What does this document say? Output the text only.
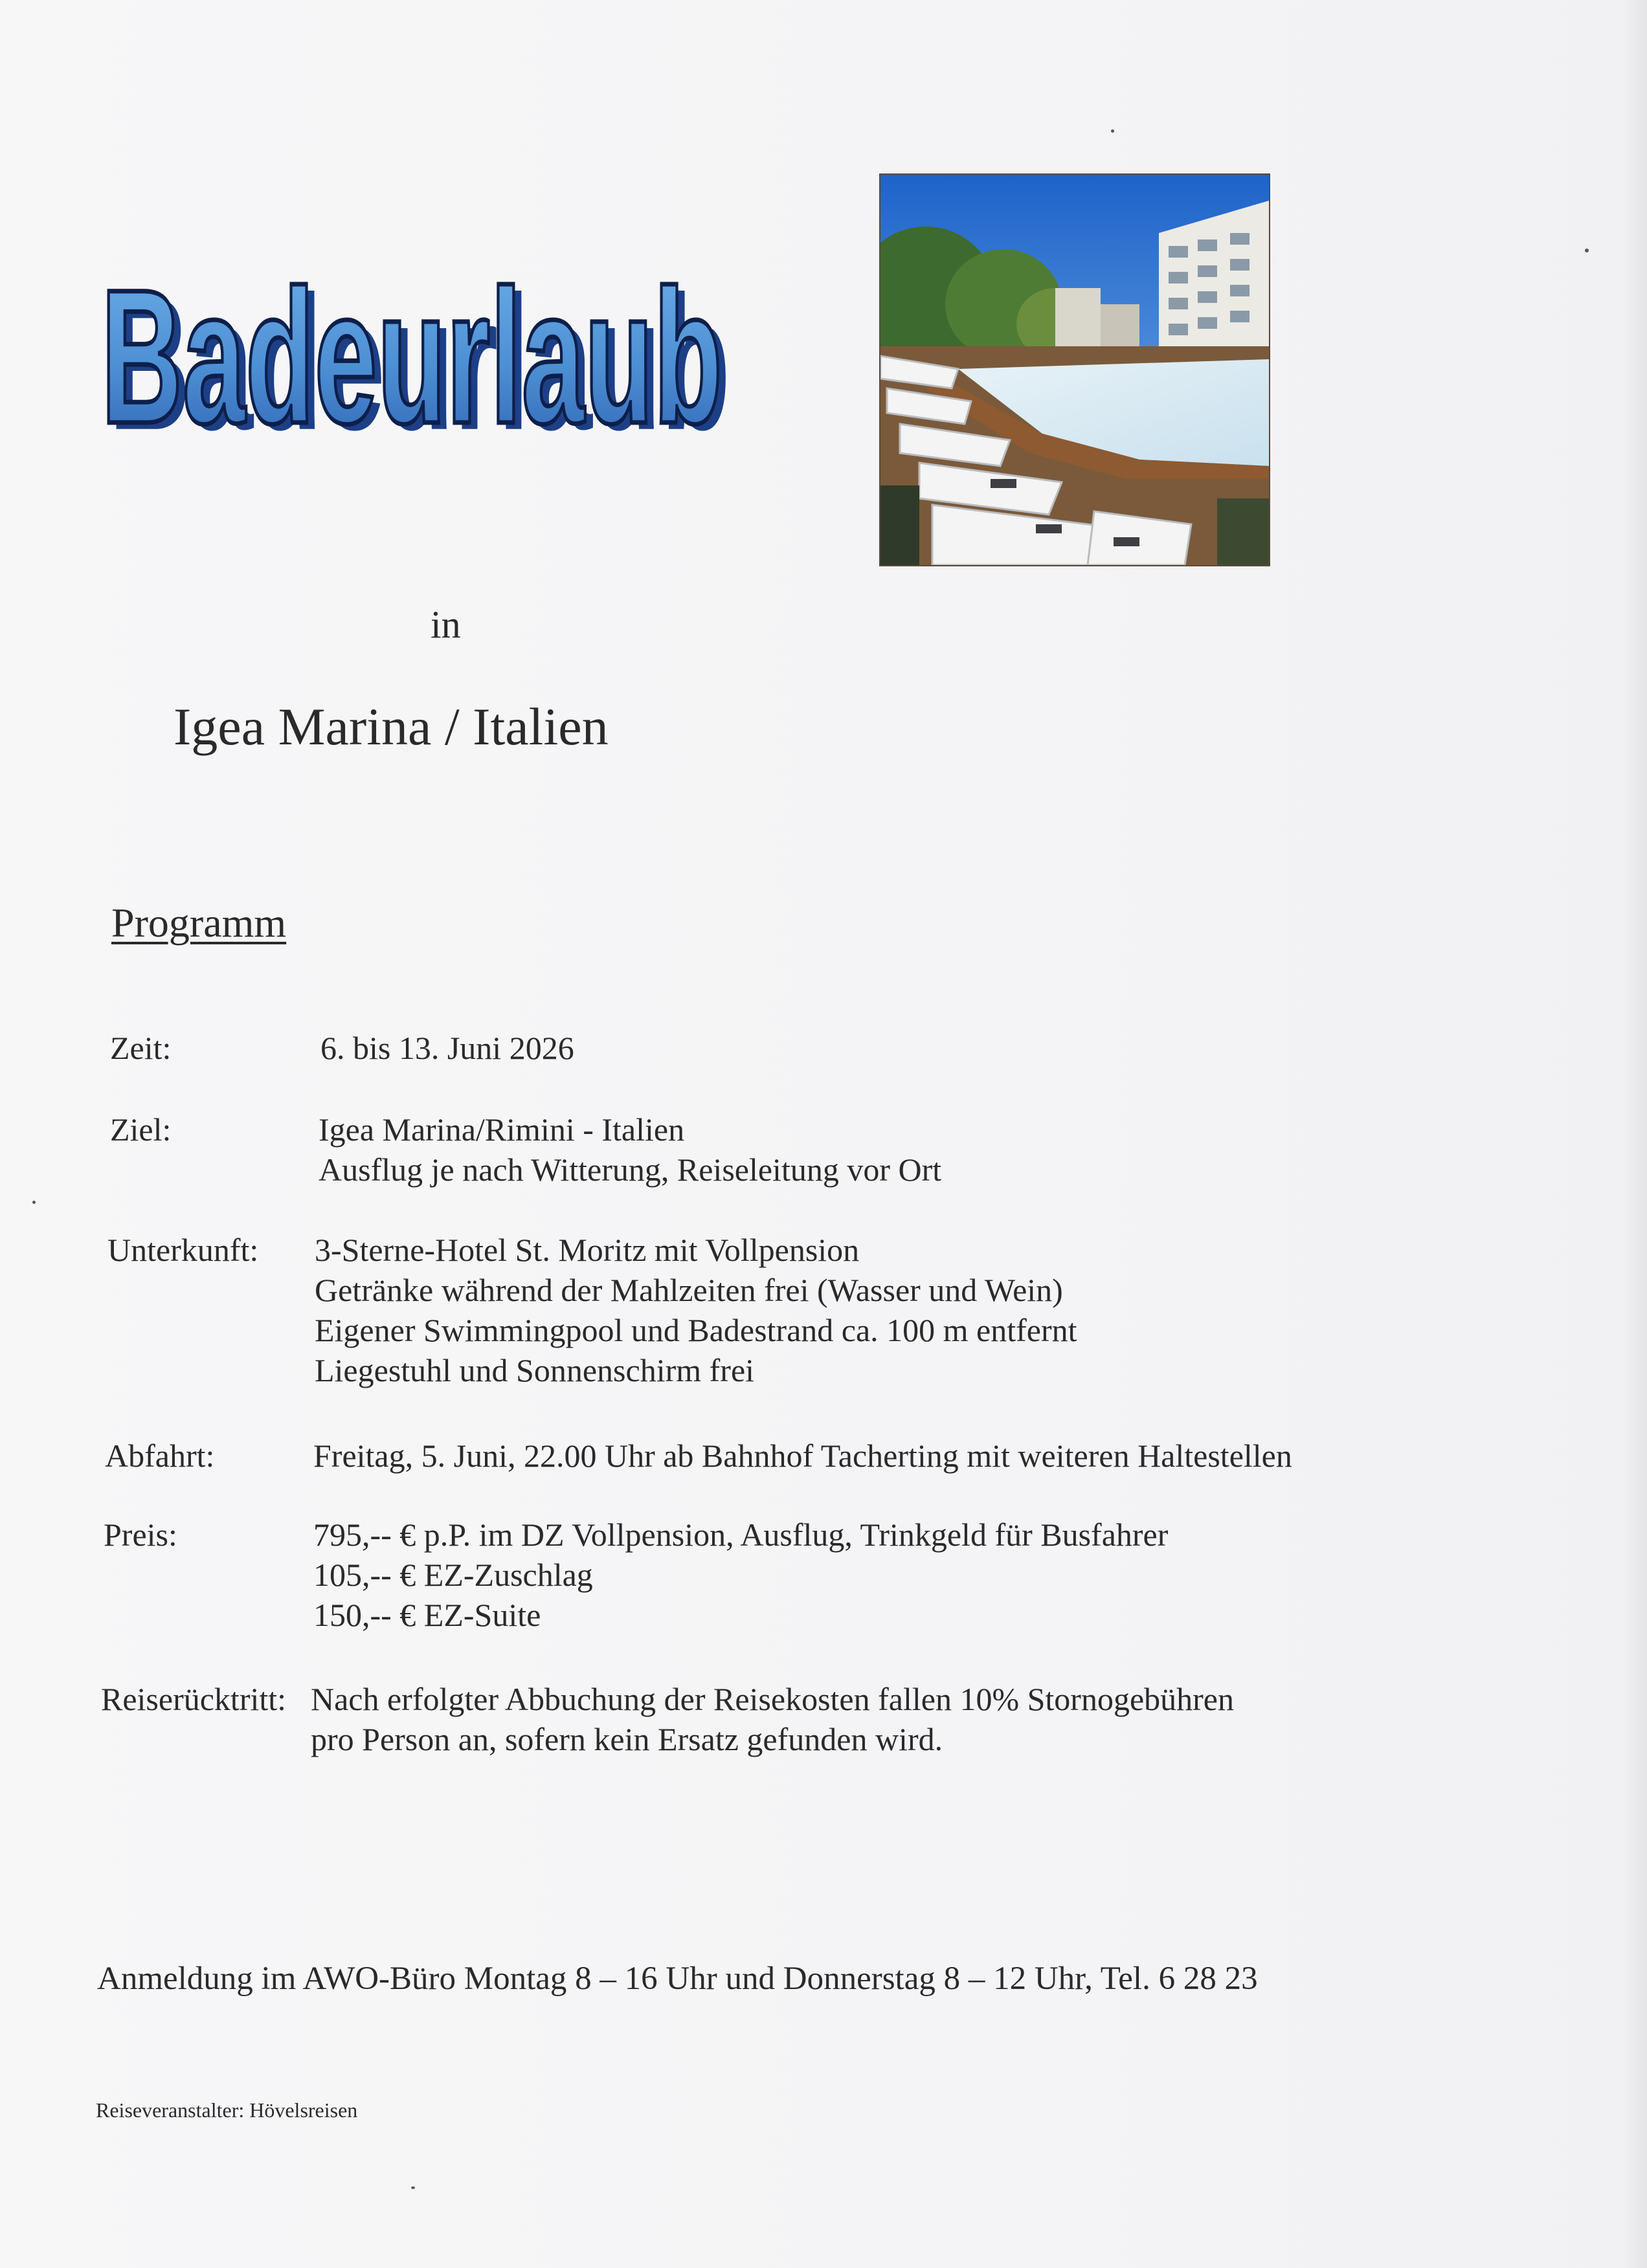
Badeurlaub
Badeurlaub
in
Igea Marina / Italien
Programm
Zeit:	6. bis 13. Juni 2026
Ziel:	Igea Marina/Rimini - Italien
Ausflug je nach Witterung, Reiseleitung vor Ort
Unterkunft: 3-Sterne-Hotel St. Moritz mit Vollpension
Getränke während der Mahlzeiten frei (Wasser und Wein)
Eigener Swimmingpool und Badestrand ca. 100 m entfernt
Liegestuhl und Sonnenschirm frei
Abfahrt:	Freitag, 5. Juni, 22.00 Uhr ab Bahnhof Tacherting mit weiteren Haltestellen
Preis:	795,-- € p.P. im DZ Vollpension, Ausflug, Trinkgeld für Busfahrer
105,-- € EZ-Zuschlag
150,-- € EZ-Suite
Reiserücktritt: Nach erfolgter Abbuchung der Reisekosten fallen 10% Stornogebühren
pro Person an, sofern kein Ersatz gefunden wird.
Anmeldung im AWO-Büro Montag 8 – 16 Uhr und Donnerstag 8 – 12 Uhr, Tel. 6 28 23
Reiseveranstalter: Hövelsreisen
